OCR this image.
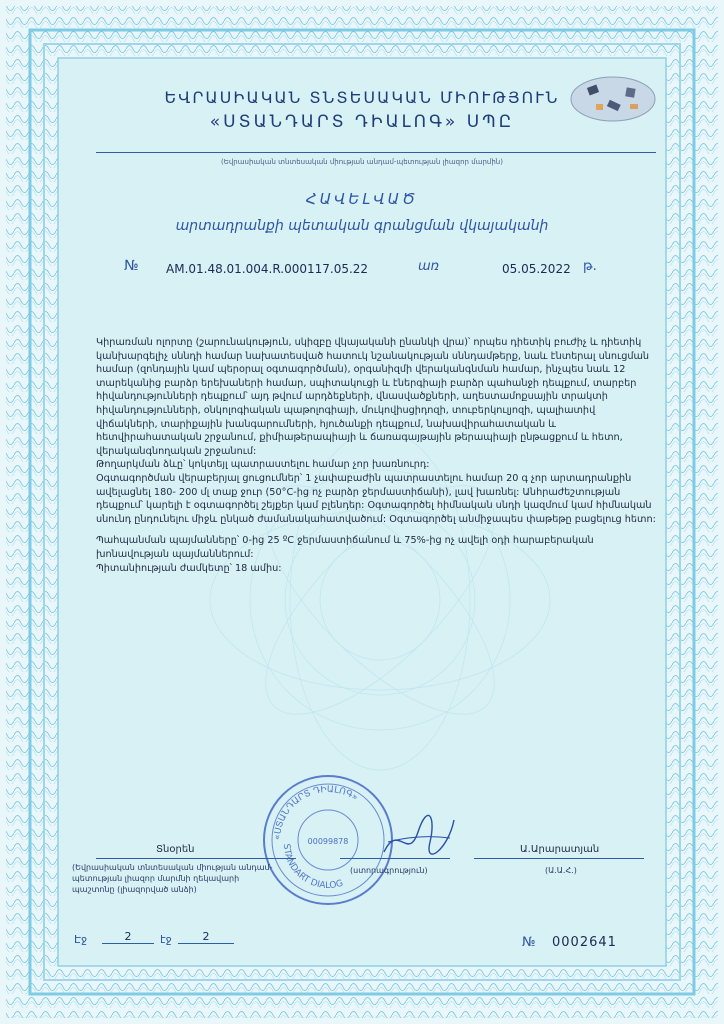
ԵՎՐԱՍԻԱԿԱՆ ՏՆՏԵՍԱԿԱՆ ՄԻՈՒԹՅՈՒՆ
«ՍՏԱՆԴԱՐՏ ԴԻԱԼՈԳ» ՍՊԸ
(Եվրասիական տնտեսական միության անդամ-պետության լիազոր մարմին)
ՀԱՎԵԼՎԱԾ
արտադրանքի պետական գրանցման վկայականի
№ AM.01.48.01.004.R.000117.05.22	առ	05.05.2022 թ.

Կիրառման ոլորտը (շարունակություն, սկիզբը վկայականի ընանկի վրա)՝ որպես դիետիկ բուժիչ և դիետիկ կանխարգելիչ սննդի համար նախատեսված հատուկ նշանակության սննդամթերք, նաև էնտերալ սնուցման համար (զոնդային կամ պերօրալ օգտագործման), օրգանիզմի վերականգնման համար, ինչպես նաև 12 տարեկանից բարձր երեխաների համար, սպիտակուցի և էներգիայի բարձր պահանջի դեպքում, տարբեր հիվանդությունների դեպքում՝ այդ թվում արդձեքների, վնասվածքների, աղեստամոքսային տրակտի հիվանդությունների, օնկոլոգիական պաթոլոգիայի, մուկովիսցիդոզի, տուբերկուլյոզի, պալիատիվ վիճակների, տարիքային խանգարումների, հյուծանքի դեպքում, նախավիրահատական և հետվիրահատական շրջանում, քիմիաթերապիայի և ճառագայթային թերապիայի ընթացքում և հետո, վերականգնողական շրջանում:

Թողարկման ձևը՝ կոկտեյլ պատրաստելու համար չոր խառնուրդ:

Օգտագործման վերաբերյալ ցուցումներ՝ 1 չափաբաժին պատրաստելու համար 20 գ չոր արտադրանքին ավելացնել 180- 200 մլ տաք ջուր (50°C-ից ոչ բարձր ջերմաստիճանի), լավ խառնել: Անհրաժեշտության դեպքում՝ կարելի է օգտագործել շեյքեր կամ բլենդեր: Օգտագործել հիմնական սնդի կազմում կամ հիմնական սնունդ ընդունելու միջև ընկած ժամանակահատվածում: Օգտագործել անմիջապես փաթեթը բացելուց հետո:

Պահպանման պայմանները՝ 0-ից 25 ºC ջերմաստիճանում և 75%-ից ոչ ավելի օդի հարաբերական խոնավության պայմաններում:

Պիտանիության ժամկետը՝ 18 ամիս:

«ՍՏԱՆԴԱՐՏ ԴԻԱԼՈԳ»
STANDART DIALOG
00099878
Տնօրեն	Ա.Արարատյան
(Եվրասիական տնտեսական միության անդամ-պետության լիազոր մարմնի ղեկավարի պաշտոնը (լիազորված անձի)
(ստորագրություն)	(Ա.Ա.Հ.)
Էջ	2	էջ	2	№ 0002641
